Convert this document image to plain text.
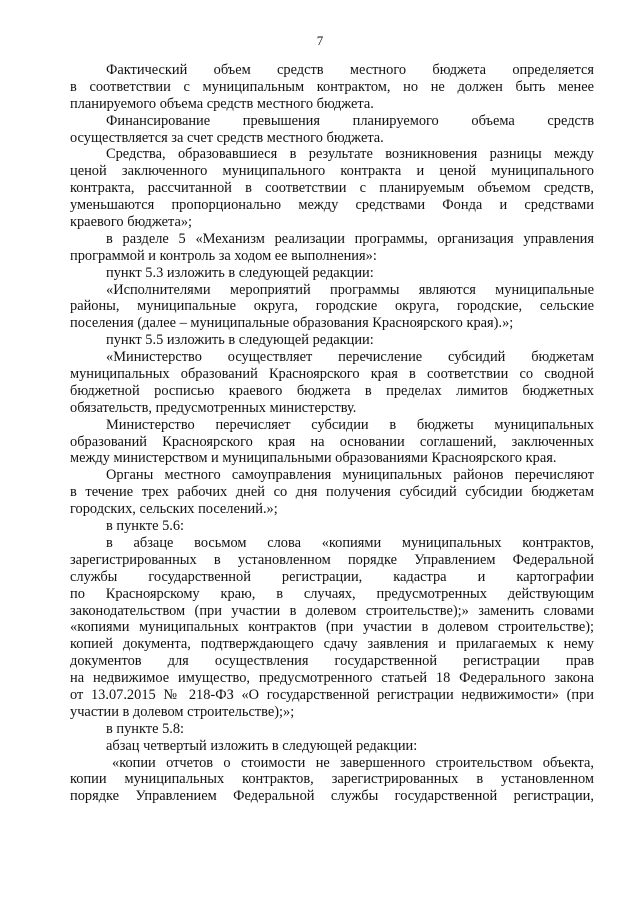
7

Фактический объем средств местного бюджета определяется
в соответствии с муниципальным контрактом, но не должен быть менее
планируемого объема средств местного бюджета.

Финансирование превышения планируемого объема средств
осуществляется за счет средств местного бюджета.

Средства, образовавшиеся в результате возникновения разницы между
ценой заключенного муниципального контракта и ценой муниципального
контракта, рассчитанной в соответствии с планируемым объемом средств,
уменьшаются пропорционально между средствами Фонда и средствами
краевого бюджета»;

в разделе 5 «Механизм реализации программы, организация управления
программой и контроль за ходом ее выполнения»:

пункт 5.3 изложить в следующей редакции:

«Исполнителями мероприятий программы являются муниципальные
районы, муниципальные округа, городские округа, городские, сельские
поселения (далее – муниципальные образования Красноярского края).»;

пункт 5.5 изложить в следующей редакции:

«Министерство осуществляет перечисление субсидий бюджетам
муниципальных образований Красноярского края в соответствии со сводной
бюджетной росписью краевого бюджета в пределах лимитов бюджетных
обязательств, предусмотренных министерству.

Министерство перечисляет субсидии в бюджеты муниципальных
образований Красноярского края на основании соглашений, заключенных
между министерством и муниципальными образованиями Красноярского края.

Органы местного самоуправления муниципальных районов перечисляют
в течение трех рабочих дней со дня получения субсидий субсидии бюджетам
городских, сельских поселений.»;

в пункте 5.6:

в абзаце восьмом слова «копиями муниципальных контрактов,
зарегистрированных в установленном порядке Управлением Федеральной
службы государственной регистрации, кадастра и картографии
по Красноярскому краю, в случаях, предусмотренных действующим
законодательством (при участии в долевом строительстве);» заменить словами
«копиями муниципальных контрактов (при участии в долевом строительстве);
копией документа, подтверждающего сдачу заявления и прилагаемых к нему
документов для осуществления государственной регистрации прав
на недвижимое имущество, предусмотренного статьей 18 Федерального закона
от 13.07.2015 № 218-ФЗ «О государственной регистрации недвижимости» (при
участии в долевом строительстве);»;

в пункте 5.8:

абзац четвертый изложить в следующей редакции:

«копии отчетов о стоимости не завершенного строительством объекта,
копии муниципальных контрактов, зарегистрированных в установленном
порядке Управлением Федеральной службы государственной регистрации,
